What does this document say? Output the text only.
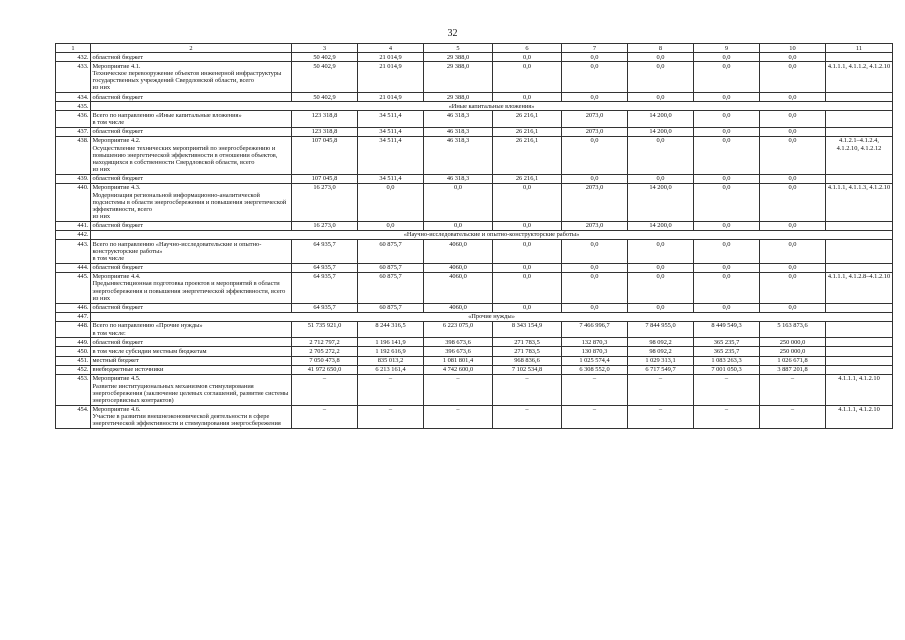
32
1	2	3	4	5	6	7	8	9	10	11
432.	областной бюджет	50 402,9	21 014,9	29 388,0	0,0	0,0	0,0	0,0	0,0	
433.	Мероприятие 4.1.
Техническое перевооружение объектов инженерной инфраструктуры государственных учреждений Свердловской области, всего
из них	50 402,9	21 014,9	29 388,0	0,0	0,0	0,0	0,0	0,0	4.1.1.1, 4.1.1.2, 4.1.2.10
434.	областной бюджет	50 402,9	21 014,9	29 388,0	0,0	0,0	0,0	0,0	0,0	
435.	«Иные капитальные вложения»									
436.	Всего по направлению «Иные капитальные вложения»
в том числе	123 318,8	34 511,4	46 318,3	26 216,1	2073,0	14 200,0	0,0	0,0	
437.	областной бюджет	123 318,8	34 511,4	46 318,3	26 216,1	2073,0	14 200,0	0,0	0,0	
438.	Мероприятие 4.2.
Осуществление технических мероприятий по энергосбережению и повышению энергетической эффективности в отношении объектов, находящихся в собственности Свердловской области, всего
из них	107 045,8	34 511,4	46 318,3	26 216,1	0,0	0,0	0,0	0,0	4.1.2.1–4.1.2.4, 4.1.2.10, 4.1.2.12
439.	областной бюджет	107 045,8	34 511,4	46 318,3	26 216,1	0,0	0,0	0,0	0,0	
440.	Мероприятие 4.3.
Модернизация региональной информационно-аналитической подсистемы в области энергосбережения и повышения энергетической эффективности, всего
из них	16 273,0	0,0	0,0	0,0	2073,0	14 200,0	0,0	0,0	4.1.1.1, 4.1.1.3, 4.1.2.10
441.	областной бюджет	16 273,0	0,0	0,0	0,0	2073,0	14 200,0	0,0	0,0	
442.	«Научно-исследовательские и опытно-конструкторские работы»									
443.	Всего по направлению «Научно-исследовательские и опытно-конструкторские работы»
в том числе	64 935,7	60 875,7	4060,0	0,0	0,0	0,0	0,0	0,0	
444.	областной бюджет	64 935,7	60 875,7	4060,0	0,0	0,0	0,0	0,0	0,0	
445.	Мероприятие 4.4.
Предынвестиционная подготовка проектов и мероприятий в области энергосбережения и повышения энергетической эффективности, всего
из них	64 935,7	60 875,7	4060,0	0,0	0,0	0,0	0,0	0,0	4.1.1.1, 4.1.2.8–4.1.2.10
446.	областной бюджет	64 935,7	60 875,7	4060,0	0,0	0,0	0,0	0,0	0,0	
447.	«Прочие нужды»									
448.	Всего по направлению «Прочие нужды»
в том числе:	51 735 921,0	8 244 316,5	6 223 075,0	8 343 154,9	7 466 996,7	7 844 955,0	8 449 549,3	5 163 873,6	
449.	областной бюджет	2 712 797,2	1 196 141,9	398 673,6	271 783,5	132 870,3	98 092,2	365 235,7	250 000,0	
450.	в том числе субсидии местным бюджетам	2 705 272,2	1 192 616,9	396 673,6	271 783,5	130 870,3	98 092,2	365 235,7	250 000,0	
451.	местный бюджет	7 050 473,8	835 013,2	1 081 801,4	968 836,6	1 025 574,4	1 029 313,1	1 083 263,3	1 026 671,8	
452.	внебюджетные источники	41 972 650,0	6 213 161,4	4 742 600,0	7 102 534,8	6 308 552,0	6 717 549,7	7 001 050,3	3 887 201,8	
453.	Мероприятие 4.5.
Развитие институциональных механизмов стимулирования энергосбережения (заключение целевых соглашений, развитие системы энергосервисных контрактов)	–	–	–	–	–	–	–	–	4.1.1.1, 4.1.2.10
454.	Мероприятие 4.6.
Участие в развитии внешнеэкономической деятельности в сфере энергетической эффективности и стимулирования энергосбережения	–	–	–	–	–	–	–	–	4.1.1.1, 4.1.2.10
